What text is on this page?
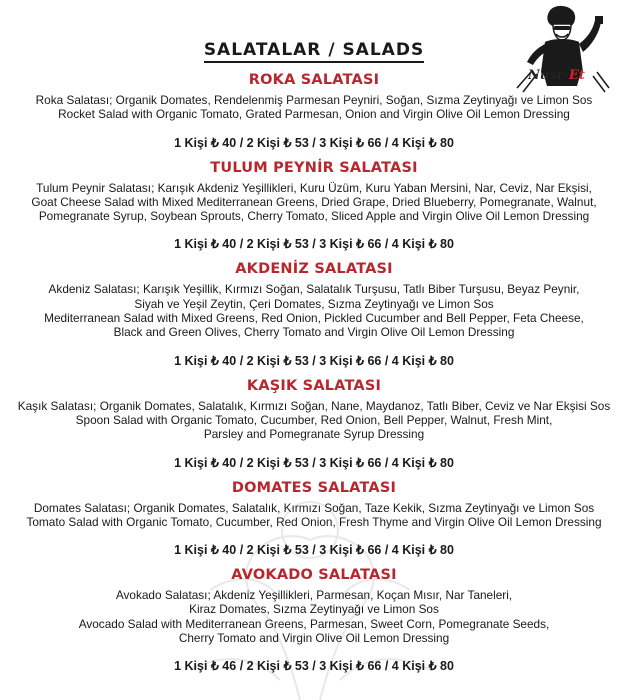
SALATALAR / SALADS
Nusr-Et
ROKA SALATASI
Roka Salatası; Organik Domates, Rendelenmiş Parmesan Peyniri, Soğan, Sızma Zeytinyağı ve Limon Sos
Rocket Salad with Organic Tomato, Grated Parmesan, Onion and Virgin Olive Oil Lemon Dressing
1 Kişi ₺ 40 / 2 Kişi ₺ 53 / 3 Kişi ₺ 66 / 4 Kişi ₺ 80
TULUM PEYNİR SALATASI
Tulum Peynir Salatası; Karışık Akdeniz Yeşillikleri, Kuru Üzüm, Kuru Yaban Mersini, Nar, Ceviz, Nar Ekşisi,
Goat Cheese Salad with Mixed Mediterranean Greens, Dried Grape, Dried Blueberry, Pomegranate, Walnut,
Pomegranate Syrup, Soybean Sprouts, Cherry Tomato, Sliced Apple and Virgin Olive Oil Lemon Dressing
1 Kişi ₺ 40 / 2 Kişi ₺ 53 / 3 Kişi ₺ 66 / 4 Kişi ₺ 80
AKDENİZ SALATASI
Akdeniz Salatası; Karışık Yeşillik, Kırmızı Soğan, Salatalık Turşusu, Tatlı Biber Turşusu, Beyaz Peynir,
Siyah ve Yeşil Zeytin, Çeri Domates, Sızma Zeytinyağı ve Limon Sos
Mediterranean Salad with Mixed Greens, Red Onion, Pickled Cucumber and Bell Pepper, Feta Cheese,
Black and Green Olives, Cherry Tomato and Virgin Olive Oil Lemon Dressing
1 Kişi ₺ 40 / 2 Kişi ₺ 53 / 3 Kişi ₺ 66 / 4 Kişi ₺ 80
KAŞIK SALATASI
Kaşık Salatası; Organik Domates, Salatalık, Kırmızı Soğan, Nane, Maydanoz, Tatlı Biber, Ceviz ve Nar Ekşisi Sos
Spoon Salad with Organic Tomato, Cucumber, Red Onion, Bell Pepper, Walnut, Fresh Mint,
Parsley and Pomegranate Syrup Dressing
1 Kişi ₺ 40 / 2 Kişi ₺ 53 / 3 Kişi ₺ 66 / 4 Kişi ₺ 80
DOMATES SALATASI
Domates Salatası; Organik Domates, Salatalık, Kırmızı Soğan, Taze Kekik, Sızma Zeytinyağı ve Limon Sos
Tomato Salad with Organic Tomato, Cucumber, Red Onion, Fresh Thyme and Virgin Olive Oil Lemon Dressing
1 Kişi ₺ 40 / 2 Kişi ₺ 53 / 3 Kişi ₺ 66 / 4 Kişi ₺ 80
AVOKADO SALATASI
Avokado Salatası; Akdeniz Yeşillikleri, Parmesan, Koçan Mısır, Nar Taneleri,
Kiraz Domates, Sızma Zeytinyağı ve Limon Sos
Avocado Salad with Mediterranean Greens, Parmesan, Sweet Corn, Pomegranate Seeds,
Cherry Tomato and Virgin Olive Oil Lemon Dressing
1 Kişi ₺ 46 / 2 Kişi ₺ 53 / 3 Kişi ₺ 66 / 4 Kişi ₺ 80
